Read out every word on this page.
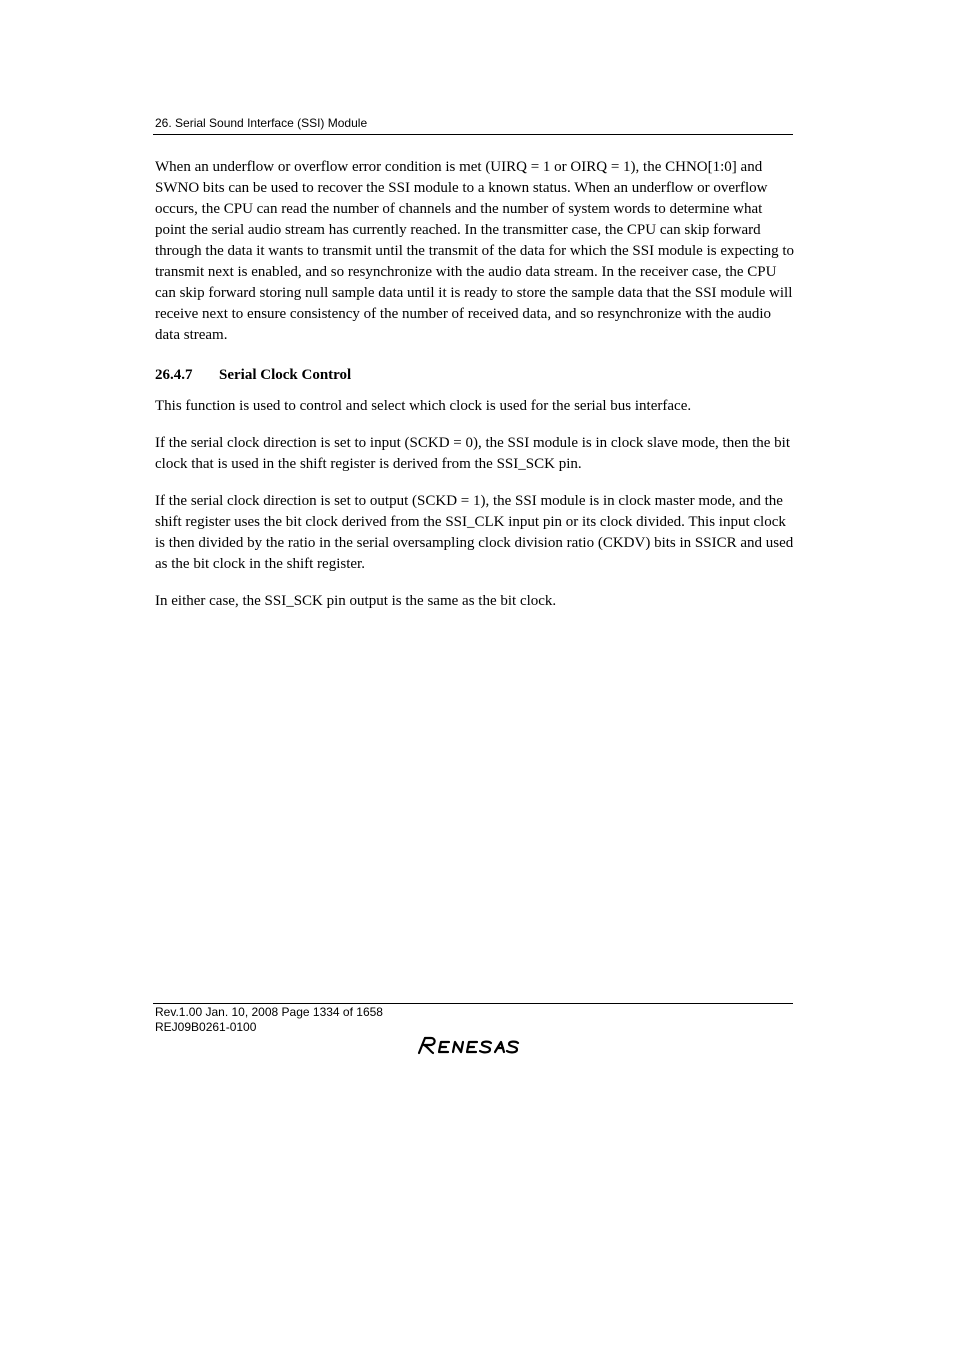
26. Serial Sound Interface (SSI) Module

When an underflow or overflow error condition is met (UIRQ = 1 or OIRQ = 1), the CHNO[1:0] and SWNO bits can be used to recover the SSI module to a known status. When an underflow or overflow occurs, the CPU can read the number of channels and the number of system words to determine what point the serial audio stream has currently reached. In the transmitter case, the CPU can skip forward through the data it wants to transmit until the transmit of the data for which the SSI module is expecting to transmit next is enabled, and so resynchronize with the audio data stream. In the receiver case, the CPU can skip forward storing null sample data until it is ready to store the sample data that the SSI module will receive next to ensure consistency of the number of received data, and so resynchronize with the audio data stream.

26.4.7 Serial Clock Control

This function is used to control and select which clock is used for the serial bus interface.

If the serial clock direction is set to input (SCKD = 0), the SSI module is in clock slave mode, then the bit clock that is used in the shift register is derived from the SSI_SCK pin.

If the serial clock direction is set to output (SCKD = 1), the SSI module is in clock master mode, and the shift register uses the bit clock derived from the SSI_CLK input pin or its clock divided. This input clock is then divided by the ratio in the serial oversampling clock division ratio (CKDV) bits in SSICR and used as the bit clock in the shift register.

In either case, the SSI_SCK pin output is the same as the bit clock.

Rev.1.00 Jan. 10, 2008 Page 1334 of 1658
REJ09B0261-0100
